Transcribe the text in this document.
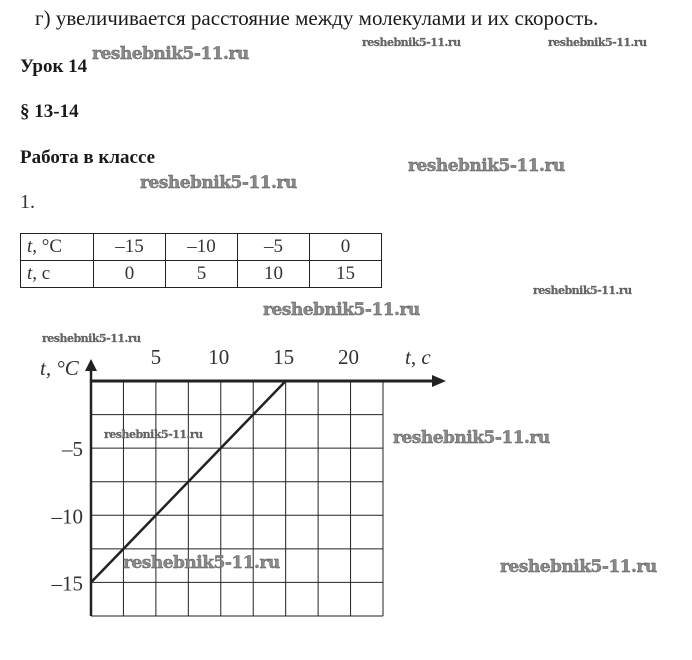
г) увеличивается расстояние между молекулами и их скорость.
Урок 14
§ 13-14
Работа в классе
1.
t, °C	–15	–10	–5	0
t, с	0	5	10	15
5 10 15 20
–5
–10
–15
t, c
t, °C
reshebnik5-11.ru
reshebnik5-11.ru	reshebnik5-11.ru
reshebnik5-11.ru
reshebnik5-11.ru
reshebnik5-11.ru
reshebnik5-11.ru
reshebnik5-11.ru
reshebnik5-11.ru	reshebnik5-11.ru
reshebnik5-11.ru	reshebnik5-11.ru
